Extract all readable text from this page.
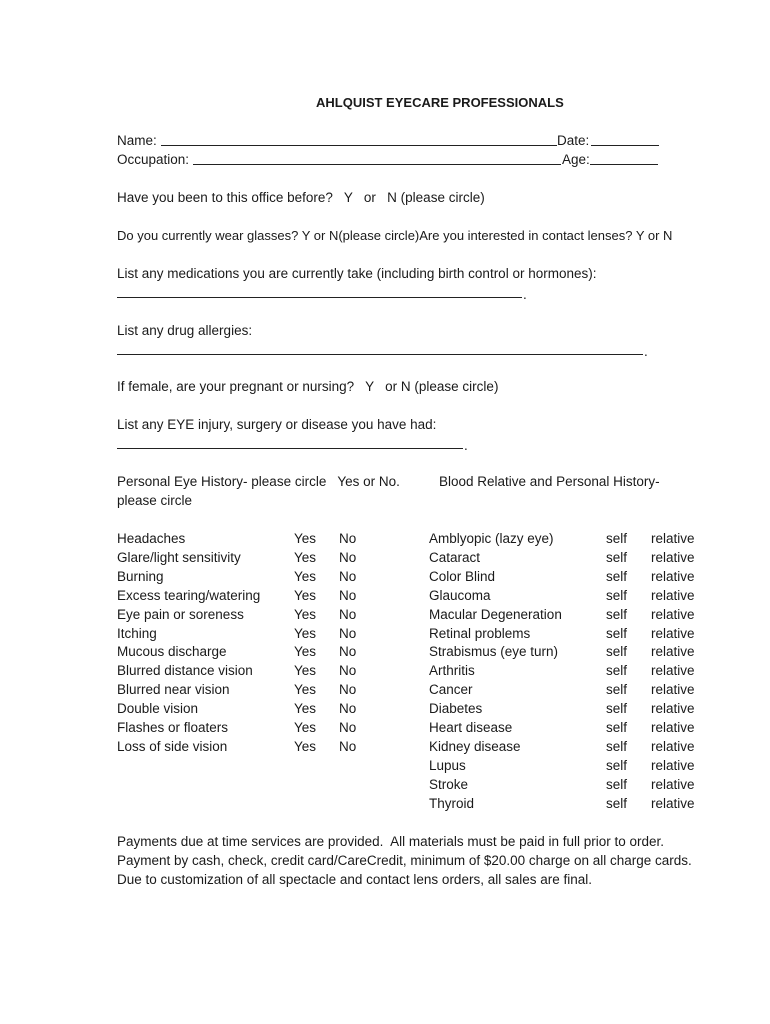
AHLQUIST EYECARE PROFESSIONALS
Name:	Date:
Occupation:	Age:
Have you been to this office before?   Y   or   N (please circle)
Do you currently wear glasses? Y or N(please circle)Are you interested in contact lenses? Y or N
List any medications you are currently take (including birth control or hormones):
.
List any drug allergies:
.
If female, are your pregnant or nursing?   Y   or N (please circle)
List any EYE injury, surgery or disease you have had:
.
Personal Eye History- please circle   Yes or No.
please circle
Blood Relative and Personal History-
Headaches	Yes No
Glare/light sensitivity	Yes No
Burning	Yes No
Excess tearing/watering Yes No
Eye pain or soreness	Yes No
Itching	Yes No
Mucous discharge	Yes No
Blurred distance vision	Yes No
Blurred near vision	Yes No
Double vision	Yes No
Flashes or floaters	Yes No
Loss of side vision	Yes No
Amblyopic (lazy eye)	self relative
Cataract	self relative
Color Blind	self relative
Glaucoma	self relative
Macular Degeneration	self relative
Retinal problems	self relative
Strabismus (eye turn)	self relative
Arthritis	self relative
Cancer	self relative
Diabetes	self relative
Heart disease	self relative
Kidney disease	self relative
Lupus	self relative
Stroke	self relative
Thyroid	self relative
Payments due at time services are provided.  All materials must be paid in full prior to order.
Payment by cash, check, credit card/CareCredit, minimum of $20.00 charge on all charge cards.
Due to customization of all spectacle and contact lens orders, all sales are final.
